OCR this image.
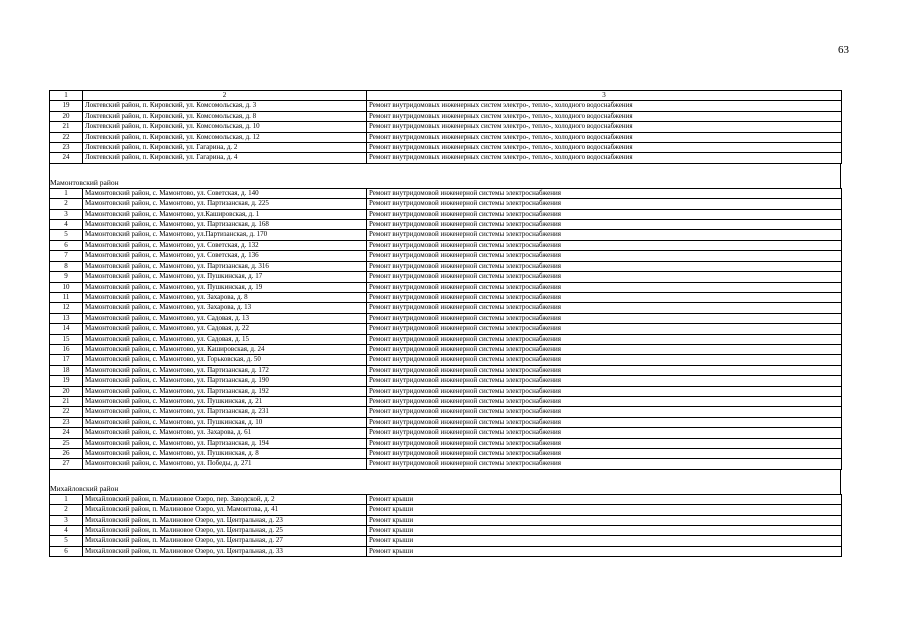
63
1	2	3
19	Локтевский район, п. Кировский, ул. Комсомольская, д. 3	Ремонт внутридомовых инженерных систем электро-, тепло-, холодного водоснабжения
20	Локтевский район, п. Кировский, ул. Комсомольская, д. 8	Ремонт внутридомовых инженерных систем электро-, тепло-, холодного водоснабжения
21	Локтевский район, п. Кировский, ул. Комсомольская, д. 10	Ремонт внутридомовых инженерных систем электро-, тепло-, холодного водоснабжения
22	Локтевский район, п. Кировский, ул. Комсомольская, д. 12	Ремонт внутридомовых инженерных систем электро-, тепло-, холодного водоснабжения
23	Локтевский район, п. Кировский, ул. Гагарина, д. 2	Ремонт внутридомовых инженерных систем электро-, тепло-, холодного водоснабжения
24	Локтевский район, п. Кировский, ул. Гагарина, д. 4	Ремонт внутридомовых инженерных систем электро-, тепло-, холодного водоснабжения
Мамонтовский район
1	Мамонтовский район, с. Мамонтово, ул. Советская, д. 140	Ремонт внутридомовой инженерной системы электроснабжения
2	Мамонтовский район, с. Мамонтово, ул. Партизанская, д. 225	Ремонт внутридомовой инженерной системы электроснабжения
3	Мамонтовский район, с. Мамонтово, ул.Кашировская, д. 1	Ремонт внутридомовой инженерной системы электроснабжения
4	Мамонтовский район, с. Мамонтово, ул. Партизанская, д. 168	Ремонт внутридомовой инженерной системы электроснабжения
5	Мамонтовский район, с. Мамонтово, ул.Партизанская, д. 170	Ремонт внутридомовой инженерной системы электроснабжения
6	Мамонтовский район, с. Мамонтово, ул. Советская, д. 132	Ремонт внутридомовой инженерной системы электроснабжения
7	Мамонтовский район, с. Мамонтово, ул. Советская, д. 136	Ремонт внутридомовой инженерной системы электроснабжения
8	Мамонтовский район, с. Мамонтово, ул. Партизанская, д. 316	Ремонт внутридомовой инженерной системы электроснабжения
9	Мамонтовский район, с. Мамонтово, ул. Пушкинская, д. 17	Ремонт внутридомовой инженерной системы электроснабжения
10	Мамонтовский район, с. Мамонтово, ул. Пушкинская, д. 19	Ремонт внутридомовой инженерной системы электроснабжения
11	Мамонтовский район, с. Мамонтово, ул. Захарова, д. 8	Ремонт внутридомовой инженерной системы электроснабжения
12	Мамонтовский район, с. Мамонтово, ул. Захарова, д. 13	Ремонт внутридомовой инженерной системы электроснабжения
13	Мамонтовский район, с. Мамонтово, ул. Садовая, д. 13	Ремонт внутридомовой инженерной системы электроснабжения
14	Мамонтовский район, с. Мамонтово, ул. Садовая, д. 22	Ремонт внутридомовой инженерной системы электроснабжения
15	Мамонтовский район, с. Мамонтово, ул. Садовая, д. 15	Ремонт внутридомовой инженерной системы электроснабжения
16	Мамонтовский район, с. Мамонтово, ул. Кашировская, д. 24	Ремонт внутридомовой инженерной системы электроснабжения
17	Мамонтовский район, с. Мамонтово, ул. Горьковская, д. 50	Ремонт внутридомовой инженерной системы электроснабжения
18	Мамонтовский район, с. Мамонтово, ул. Партизанская, д. 172	Ремонт внутридомовой инженерной системы электроснабжения
19	Мамонтовский район, с. Мамонтово, ул. Партизанская, д. 190	Ремонт внутридомовой инженерной системы электроснабжения
20	Мамонтовский район, с. Мамонтово, ул. Партизанская, д. 192	Ремонт внутридомовой инженерной системы электроснабжения
21	Мамонтовский район, с. Мамонтово, ул. Пушкинская, д. 21	Ремонт внутридомовой инженерной системы электроснабжения
22	Мамонтовский район, с. Мамонтово, ул. Партизанская, д. 231	Ремонт внутридомовой инженерной системы электроснабжения
23	Мамонтовский район, с. Мамонтово, ул. Пушкинская, д. 10	Ремонт внутридомовой инженерной системы электроснабжения
24	Мамонтовский район, с. Мамонтово, ул. Захарова, д. 61	Ремонт внутридомовой инженерной системы электроснабжения
25	Мамонтовский район, с. Мамонтово, ул. Партизанская, д. 194	Ремонт внутридомовой инженерной системы электроснабжения
26	Мамонтовский район, с. Мамонтово, ул. Пушкинская, д. 8	Ремонт внутридомовой инженерной системы электроснабжения
27	Мамонтовский район, с. Мамонтово, ул. Победы, д. 271	Ремонт внутридомовой инженерной системы электроснабжения
Михайловский район
1	Михайловский район, п. Малиновое Озеро, пер. Заводской, д. 2	Ремонт крыши
2	Михайловский район, п. Малиновое Озеро, ул. Мамонтова, д. 41	Ремонт крыши
3	Михайловский район, п. Малиновое Озеро, ул. Центральная, д. 23	Ремонт крыши
4	Михайловский район, п. Малиновое Озеро, ул. Центральная, д. 25	Ремонт крыши
5	Михайловский район, п. Малиновое Озеро, ул. Центральная, д. 27	Ремонт крыши
6	Михайловский район, п. Малиновое Озеро, ул. Центральная, д. 33	Ремонт крыши
